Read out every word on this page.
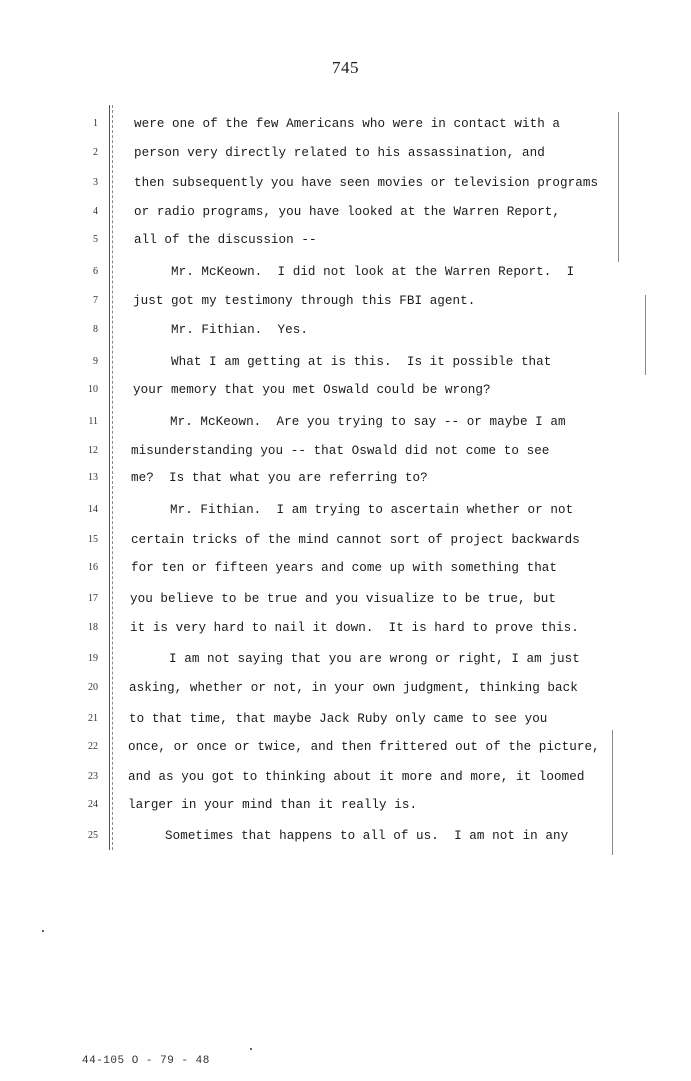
745
1	were one of the few Americans who were in contact with a
2	person very directly related to his assassination, and
3	then subsequently you have seen movies or television programs
4	or radio programs, you have looked at the Warren Report,
5	all of the discussion --
6	Mr. McKeown.  I did not look at the Warren Report.  I
7	just got my testimony through this FBI agent.
8	Mr. Fithian.  Yes.
9	What I am getting at is this.  Is it possible that
10	your memory that you met Oswald could be wrong?
11	Mr. McKeown.  Are you trying to say -- or maybe I am
12	misunderstanding you -- that Oswald did not come to see
13	me?  Is that what you are referring to?
14	Mr. Fithian.  I am trying to ascertain whether or not
15	certain tricks of the mind cannot sort of project backwards
16	for ten or fifteen years and come up with something that
17	you believe to be true and you visualize to be true, but
18	it is very hard to nail it down.  It is hard to prove this.
19	I am not saying that you are wrong or right, I am just
20 asking, whether or not, in your own judgment, thinking back
21 to that time, that maybe Jack Ruby only came to see you
22 once, or once or twice, and then frittered out of the picture,
23 and as you got to thinking about it more and more, it loomed
24 larger in your mind than it really is.
25	Sometimes that happens to all of us.  I am not in any
44-105 O - 79 - 48
